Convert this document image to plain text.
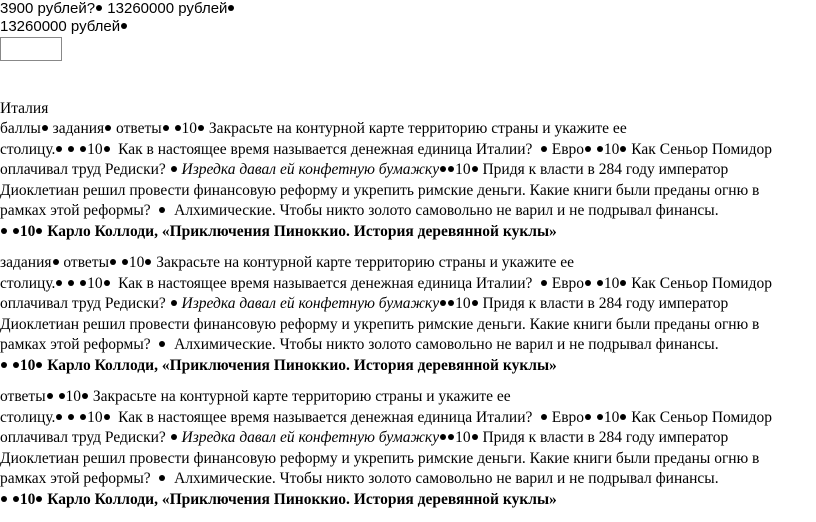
3900 рублей? 13260000 рублей
13260000 рублей
Италия
баллы задания ответы 10 Закрасьте на контурной карте территорию страны и укажите ее
столицу. 10 Как в настоящее время называется денежная единица Италии?	Евро 10 Как Сеньор Помидор
оплачивал труд Редиски? Изредка давал ей конфетную бумажку 10 Придя к власти в 284 году император
Диоклетиан решил провести финансовую реформу и укрепить римские деньги. Какие книги были преданы огню в
рамках этой реформы? Алхимические. Чтобы никто золото самовольно не варил и не подрывал финансы.
10 Карло Коллоди, «Приключения Пиноккио. История деревянной куклы»
задания ответы 10 Закрасьте на контурной карте территорию страны и укажите ее
столицу. 10 Как в настоящее время называется денежная единица Италии?	Евро 10 Как Сеньор Помидор
оплачивал труд Редиски? Изредка давал ей конфетную бумажку 10 Придя к власти в 284 году император
Диоклетиан решил провести финансовую реформу и укрепить римские деньги. Какие книги были преданы огню в
рамках этой реформы? Алхимические. Чтобы никто золото самовольно не варил и не подрывал финансы.
10 Карло Коллоди, «Приключения Пиноккио. История деревянной куклы»
ответы 10 Закрасьте на контурной карте территорию страны и укажите ее
столицу. 10 Как в настоящее время называется денежная единица Италии?	Евро 10 Как Сеньор Помидор
оплачивал труд Редиски? Изредка давал ей конфетную бумажку 10 Придя к власти в 284 году император
Диоклетиан решил провести финансовую реформу и укрепить римские деньги. Какие книги были преданы огню в
рамках этой реформы? Алхимические. Чтобы никто золото самовольно не варил и не подрывал финансы.
10 Карло Коллоди, «Приключения Пиноккио. История деревянной куклы»
